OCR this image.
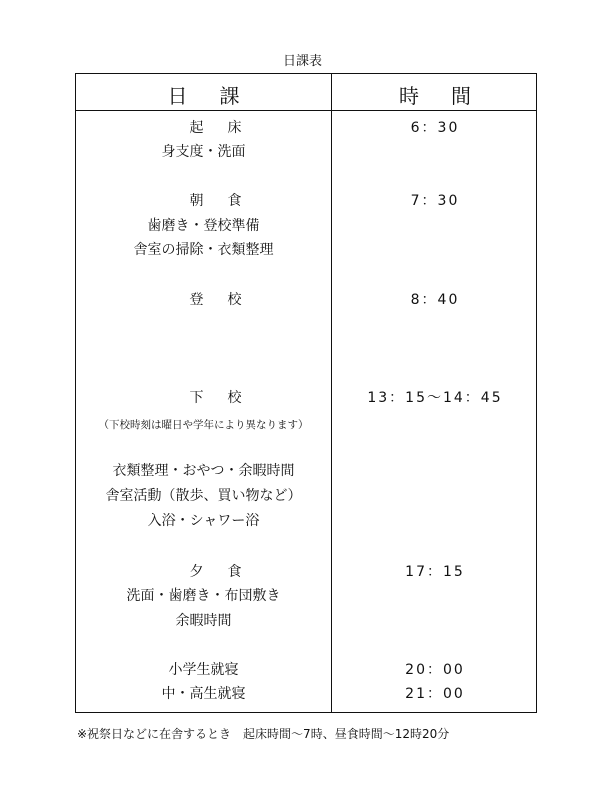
日課表
日課	時間
起床
身支度・洗面
朝食
歯磨き・登校準備
舎室の掃除・衣類整理
登校
下校
（下校時刻は曜日や学年により異なります）
衣類整理・おやつ・余暇時間
舎室活動（散歩、買い物など）
入浴・シャワー浴
夕食
洗面・歯磨き・布団敷き
余暇時間
小学生就寝
中・高生就寝
6：30
7：30
8：40
13：15〜14：45
17：15
20：00
21：00
※祝祭日などに在舎するとき　起床時間〜7時、昼食時間〜12時20分
